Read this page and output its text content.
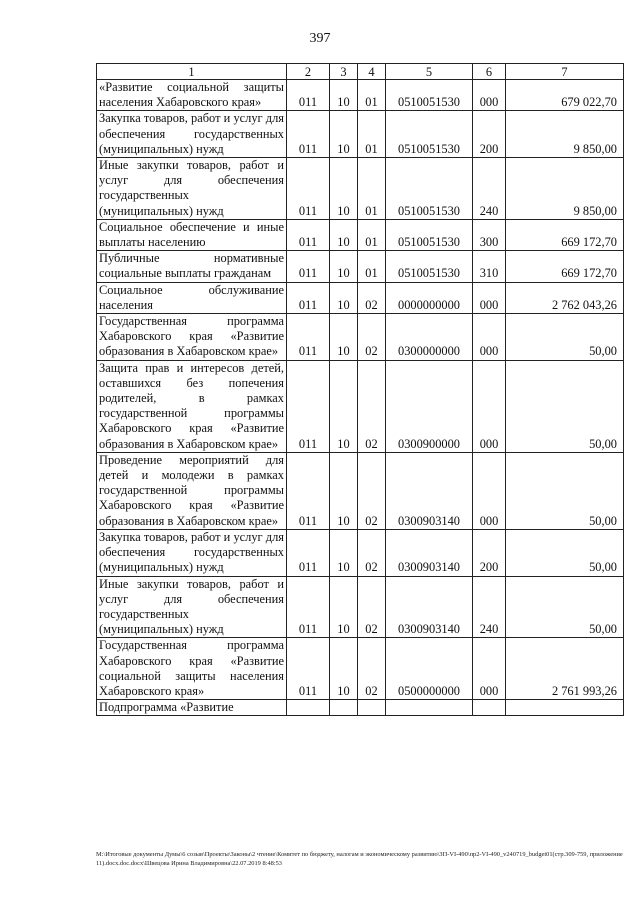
397
1	2	3	4	5	6	7
«Развитие социальной защиты населения Хабаровского края»	011	10	01	0510051530	000	679 022,70
Закупка товаров, работ и услуг для обеспечения государственных (муниципальных) нужд	011	10	01	0510051530	200	9 850,00
Иные закупки товаров, работ и услуг для обеспечения государственных (муниципальных) нужд	011	10	01	0510051530	240	9 850,00
Социальное обеспечение и иные выплаты населению	011	10	01	0510051530	300	669 172,70
Публичные нормативные социальные выплаты гражданам	011	10	01	0510051530	310	669 172,70
Социальное обслуживание населения	011	10	02	0000000000	000	2 762 043,26
Государственная программа Хабаровского края «Развитие образования в Хабаровском крае»	011	10	02	0300000000	000	50,00
Защита прав и интересов детей, оставшихся без попечения родителей, в рамках государственной программы Хабаровского края «Развитие образования в Хабаровском крае»	011	10	02	0300900000	000	50,00
Проведение мероприятий для детей и молодежи в рамках государственной программы Хабаровского края «Развитие образования в Хабаровском крае»	011	10	02	0300903140	000	50,00
Закупка товаров, работ и услуг для обеспечения государственных (муниципальных) нужд	011	10	02	0300903140	200	50,00
Иные закупки товаров, работ и услуг для обеспечения государственных (муниципальных) нужд	011	10	02	0300903140	240	50,00
Государственная программа Хабаровского края «Развитие социальной защиты населения Хабаровского края»	011	10	02	0500000000	000	2 761 993,26
Подпрограмма «Развитие						
М:\Итоговые документы Думы\6 созыв\Проекты\Законы\2 чтение\Комитет по бюджету, налогам и экономическому развитию\ЗП-VI-490\пр2-VI-490_v240719_budget01(стр.309-759, приложение 11).docx.doc.docx\Швецова Ирина Владимировна\22.07.2019 8:48:53
